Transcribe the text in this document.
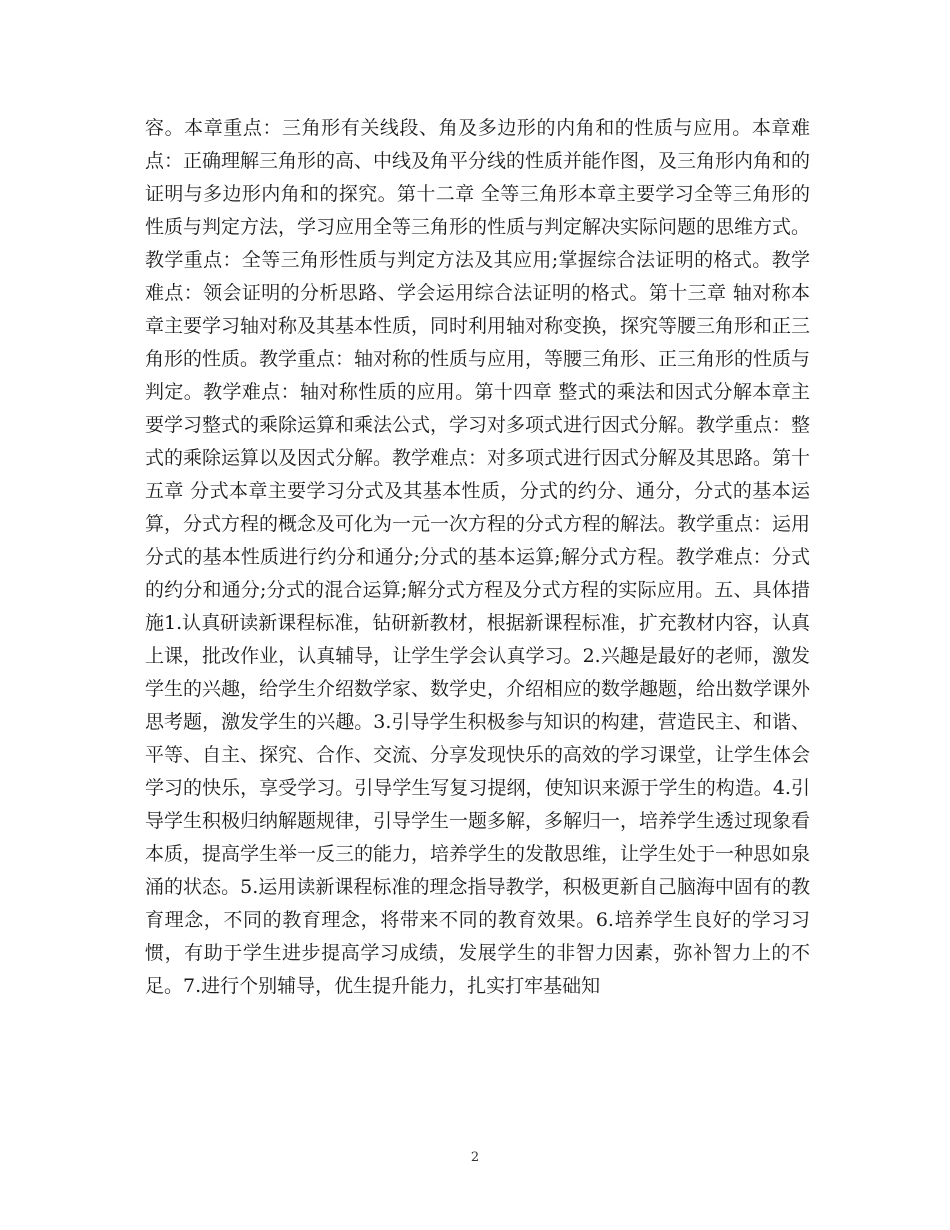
容。本章重点：三角形有关线段、角及多边形的内角和的性质与应用。本章难点：正确理解三角形的高、中线及角平分线的性质并能作图，及三角形内角和的证明与多边形内角和的探究。第十二章 全等三角形本章主要学习全等三角形的性质与判定方法，学习应用全等三角形的性质与判定解决实际问题的思维方式。教学重点：全等三角形性质与判定方法及其应用;掌握综合法证明的格式。教学难点：领会证明的分析思路、学会运用综合法证明的格式。第十三章 轴对称本章主要学习轴对称及其基本性质，同时利用轴对称变换，探究等腰三角形和正三角形的性质。教学重点：轴对称的性质与应用，等腰三角形、正三角形的性质与判定。教学难点：轴对称性质的应用。第十四章 整式的乘法和因式分解本章主要学习整式的乘除运算和乘法公式，学习对多项式进行因式分解。教学重点：整式的乘除运算以及因式分解。教学难点：对多项式进行因式分解及其思路。第十五章 分式本章主要学习分式及其基本性质，分式的约分、通分，分式的基本运算，分式方程的概念及可化为一元一次方程的分式方程的解法。教学重点：运用分式的基本性质进行约分和通分;分式的基本运算;解分式方程。教学难点：分式的约分和通分;分式的混合运算;解分式方程及分式方程的实际应用。五、具体措施1.认真研读新课程标准，钻研新教材，根据新课程标准，扩充教材内容，认真上课，批改作业，认真辅导，让学生学会认真学习。2.兴趣是最好的老师，激发学生的兴趣，给学生介绍数学家、数学史，介绍相应的数学趣题，给出数学课外思考题，激发学生的兴趣。3.引导学生积极参与知识的构建，营造民主、和谐、平等、自主、探究、合作、交流、分享发现快乐的高效的学习课堂，让学生体会学习的快乐，享受学习。引导学生写复习提纲，使知识来源于学生的构造。4.引导学生积极归纳解题规律，引导学生一题多解，多解归一，培养学生透过现象看本质，提高学生举一反三的能力，培养学生的发散思维，让学生处于一种思如泉涌的状态。5.运用读新课程标准的理念指导教学，积极更新自己脑海中固有的教育理念，不同的教育理念，将带来不同的教育效果。6.培养学生良好的学习习惯，有助于学生进步提高学习成绩，发展学生的非智力因素，弥补智力上的不足。7.进行个别辅导，优生提升能力，扎实打牢基础知

2
